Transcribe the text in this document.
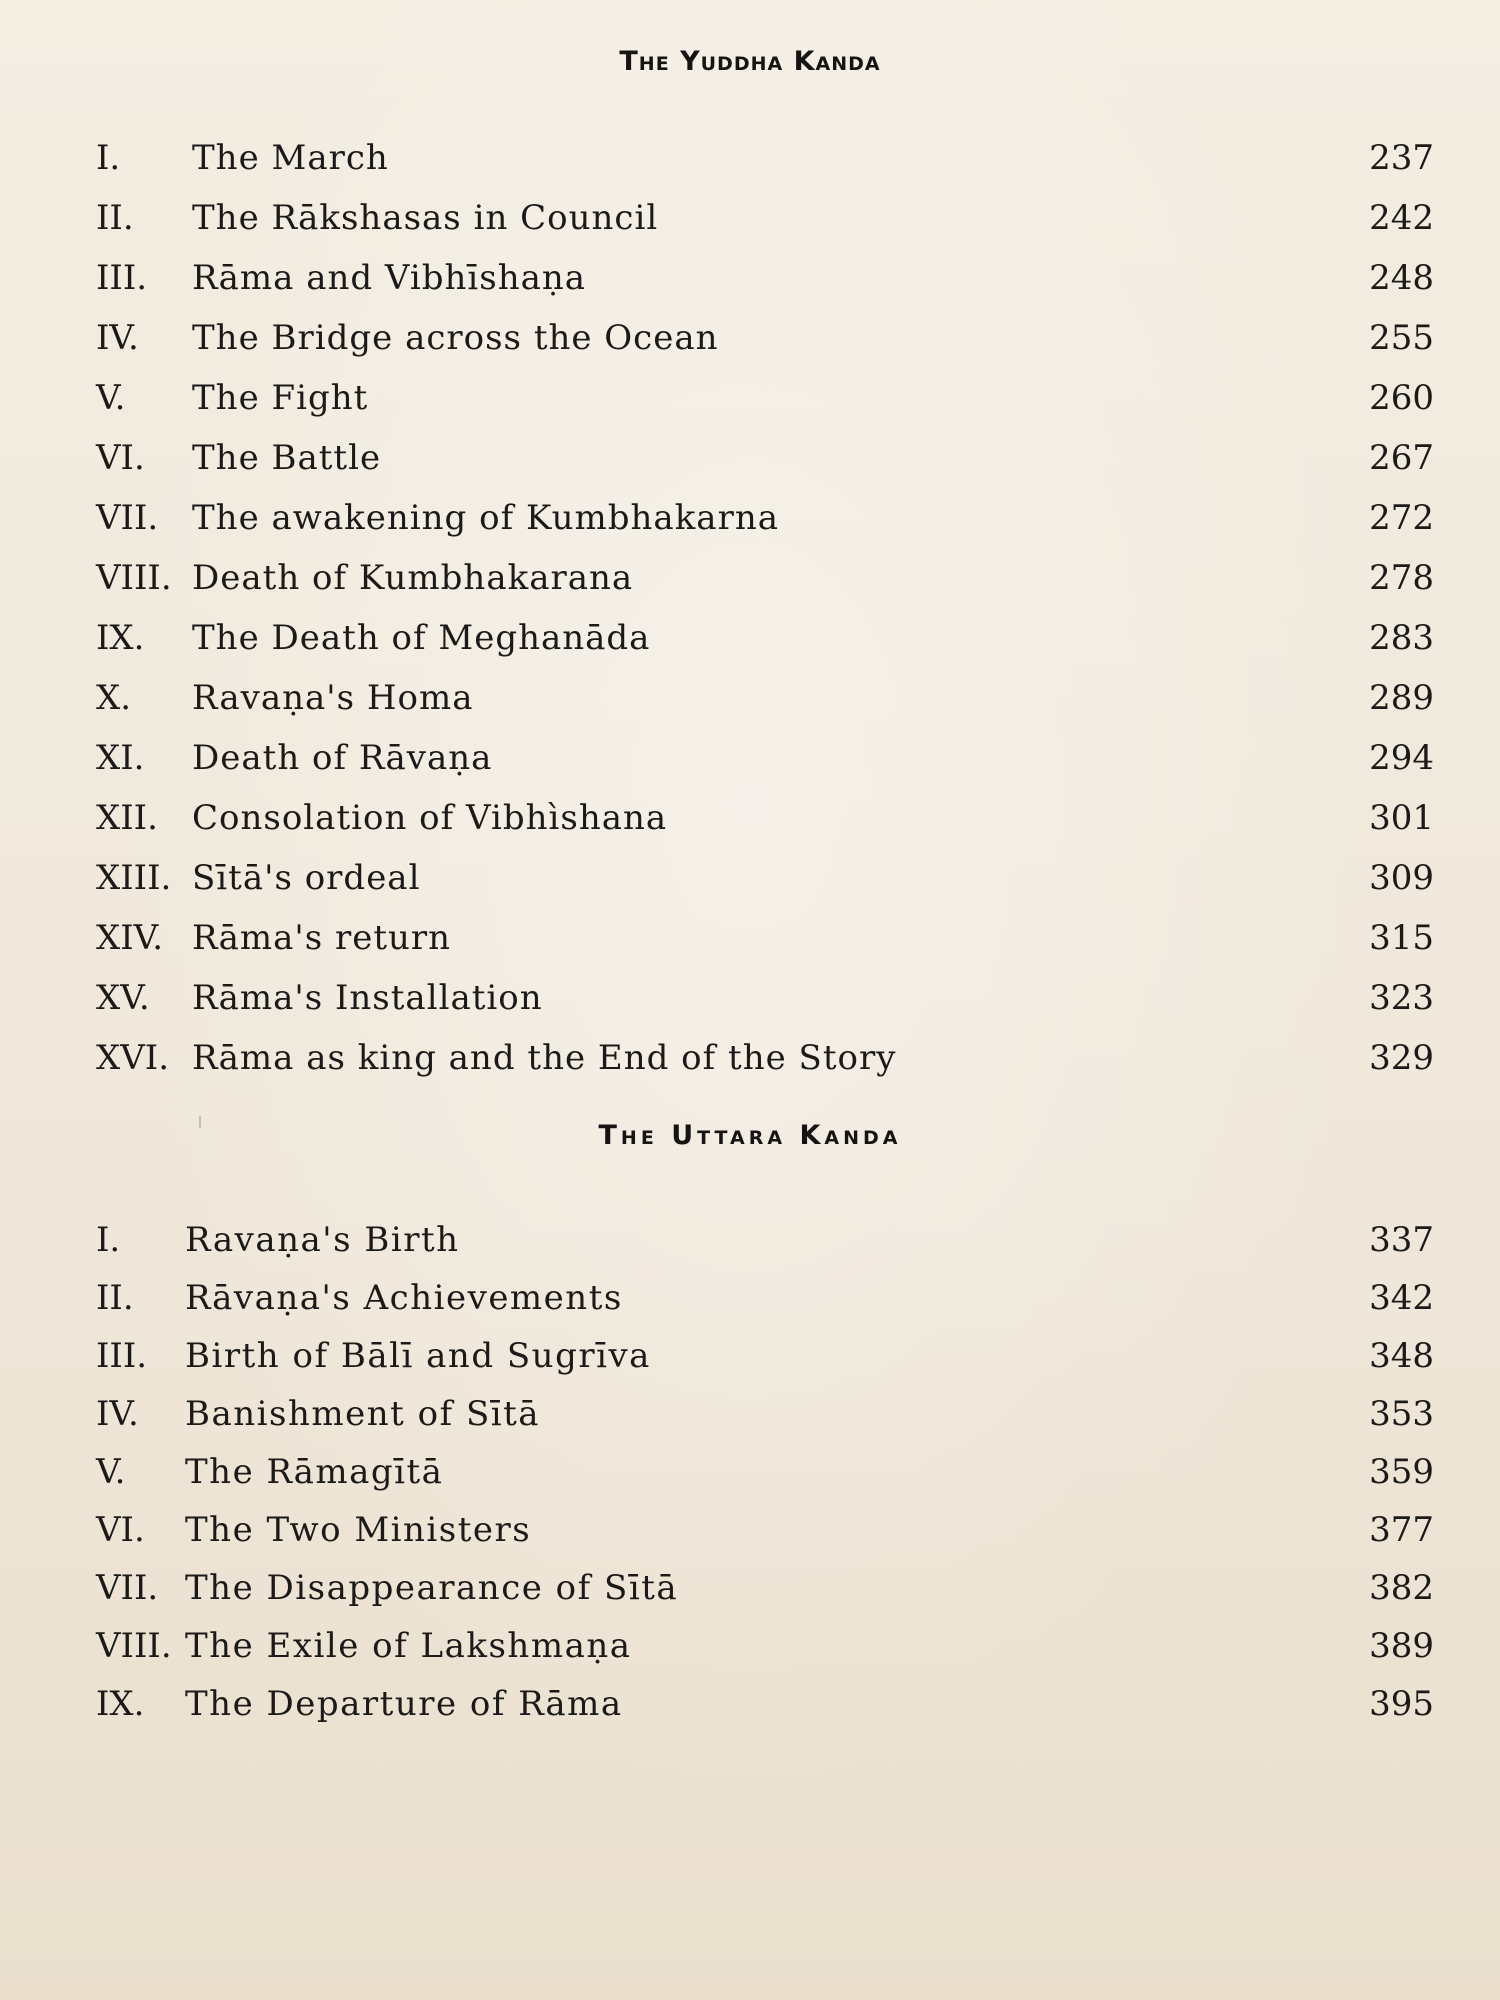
The Yuddha Kanda
I. The March	237
II. The Rākshasas in Council	242
III. Rāma and Vibhīshaṇa	248
IV. The Bridge across the Ocean	255
V. The Fight	260
VI. The Battle	267
VII. The awakening of Kumbhakarna	272
VIII. Death of Kumbhakarana	278
IX. The Death of Meghanāda	283
X. Ravaṇa's Homa	289
XI. Death of Rāvaṇa	294
XII. Consolation of Vibhìshana	301
XIII. Sītā's ordeal	309
XIV. Rāma's return	315
XV. Rāma's Installation	323
XVI. Rāma as king and the End of the Story	329
The Uttara Kanda
I. Ravaṇa's Birth	337
II. Rāvaṇa's Achievements	342
III. Birth of Bālī and Sugrīva	348
IV. Banishment of Sītā	353
V. The Rāmagītā	359
VI. The Two Ministers	377
VII. The Disappearance of Sītā	382
VIII. The Exile of Lakshmaṇa	389
IX. The Departure of Rāma	395
